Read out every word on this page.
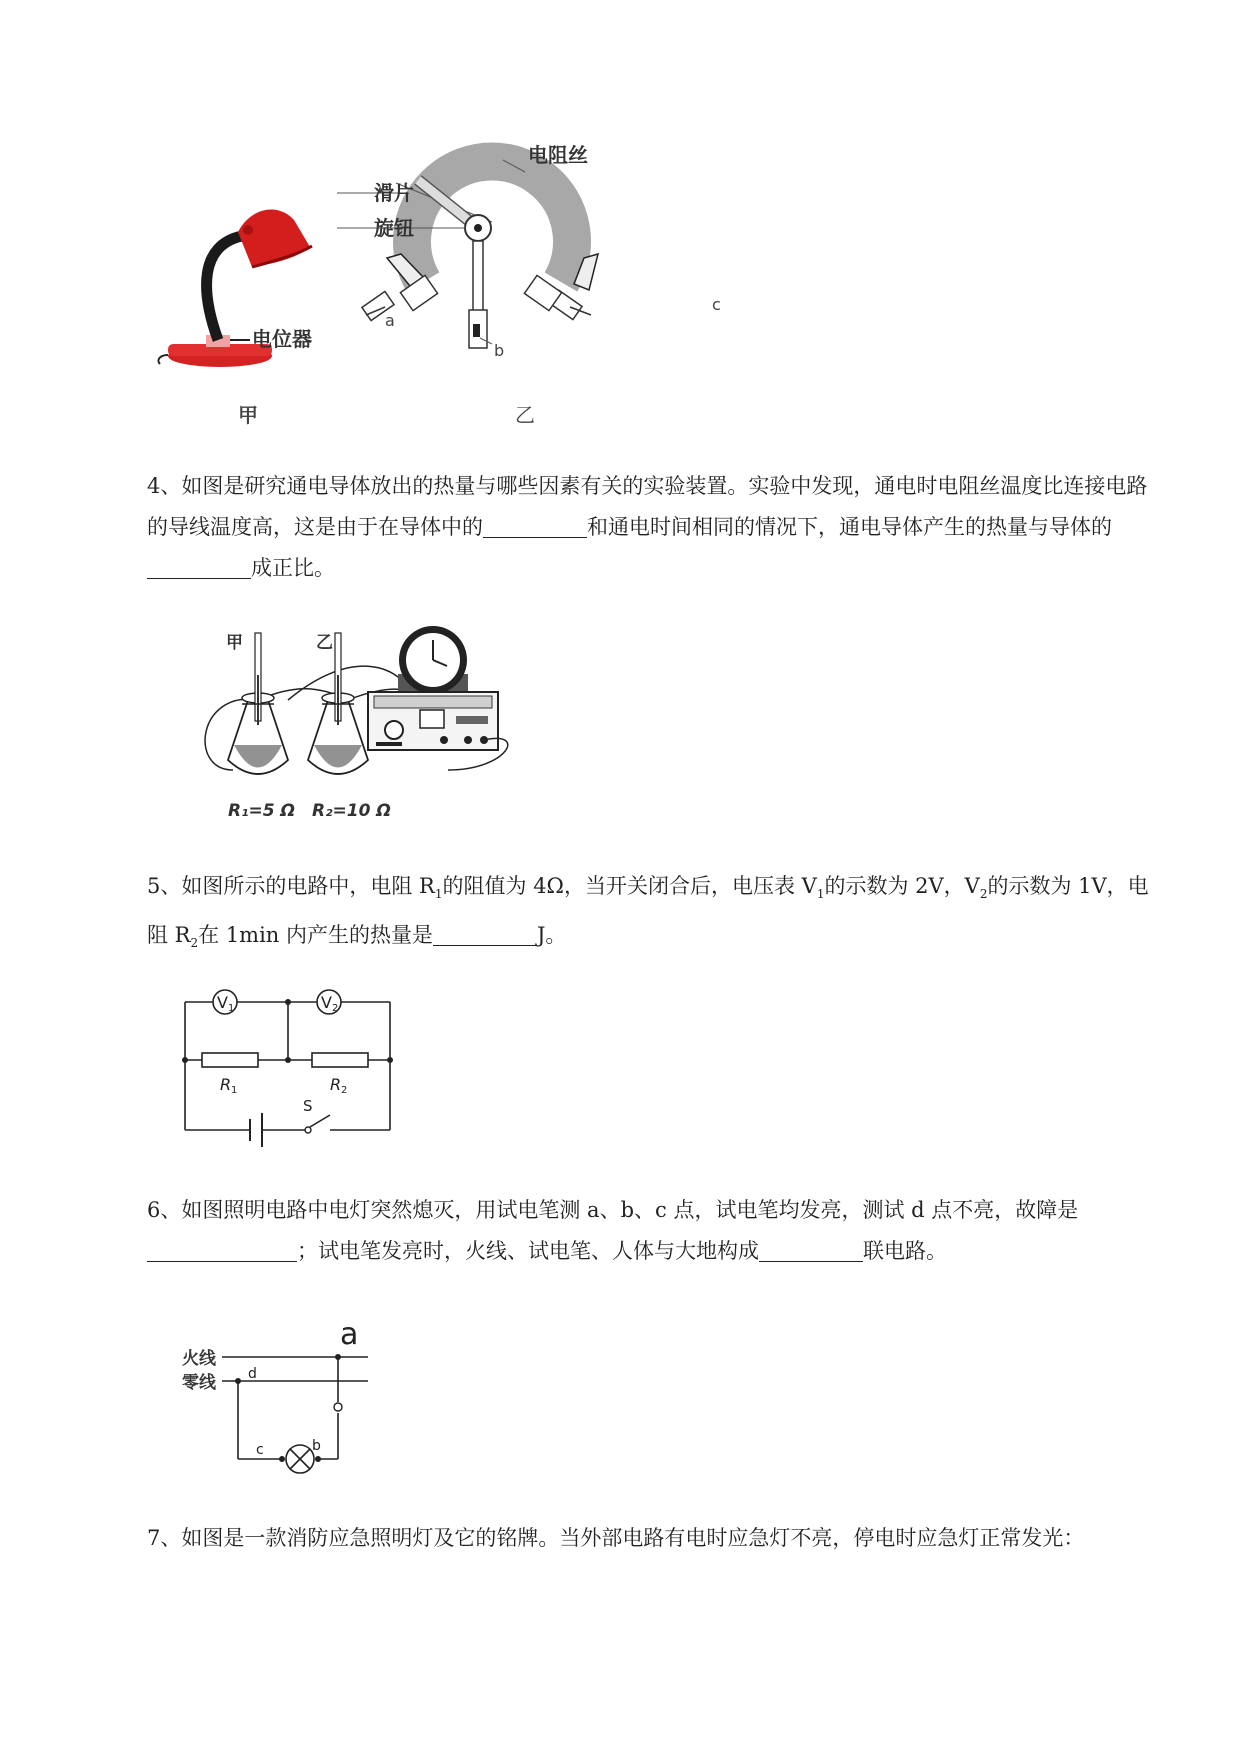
电位器
甲
电阻丝
滑片
旋钮
a
c
b
乙
4、如图是研究通电导体放出的热量与哪些因素有关的实验装置。实验中发现，通电时电阻丝温度比连接电路的导线温度高，这是由于在导体中的	和通电时间相同的情况下，通电导体产生的热量与导体的成正比。
甲	乙
R₁=5 Ω R₂=10 Ω
5、如图所示的电路中，电阻 $R_1$的阻值为 4Ω，当开关闭合后，电压表 $V_1$的示数为 2V，$V_2$的示数为 1V，电阻 $R_2$在 1min 内产生的热量是	J。
V 1	V 2
R 1	R 2
S
6、如图照明电路中电灯突然熄灭，用试电笔测 a、b、c 点，试电笔均发亮，测试 d 点不亮，故障是；试电笔发亮时，火线、试电笔、人体与大地构成	联电路。
火线
零线
a
d
c	b
7、如图是一款消防应急照明灯及它的铭牌。当外部电路有电时应急灯不亮，停电时应急灯正常发光：
